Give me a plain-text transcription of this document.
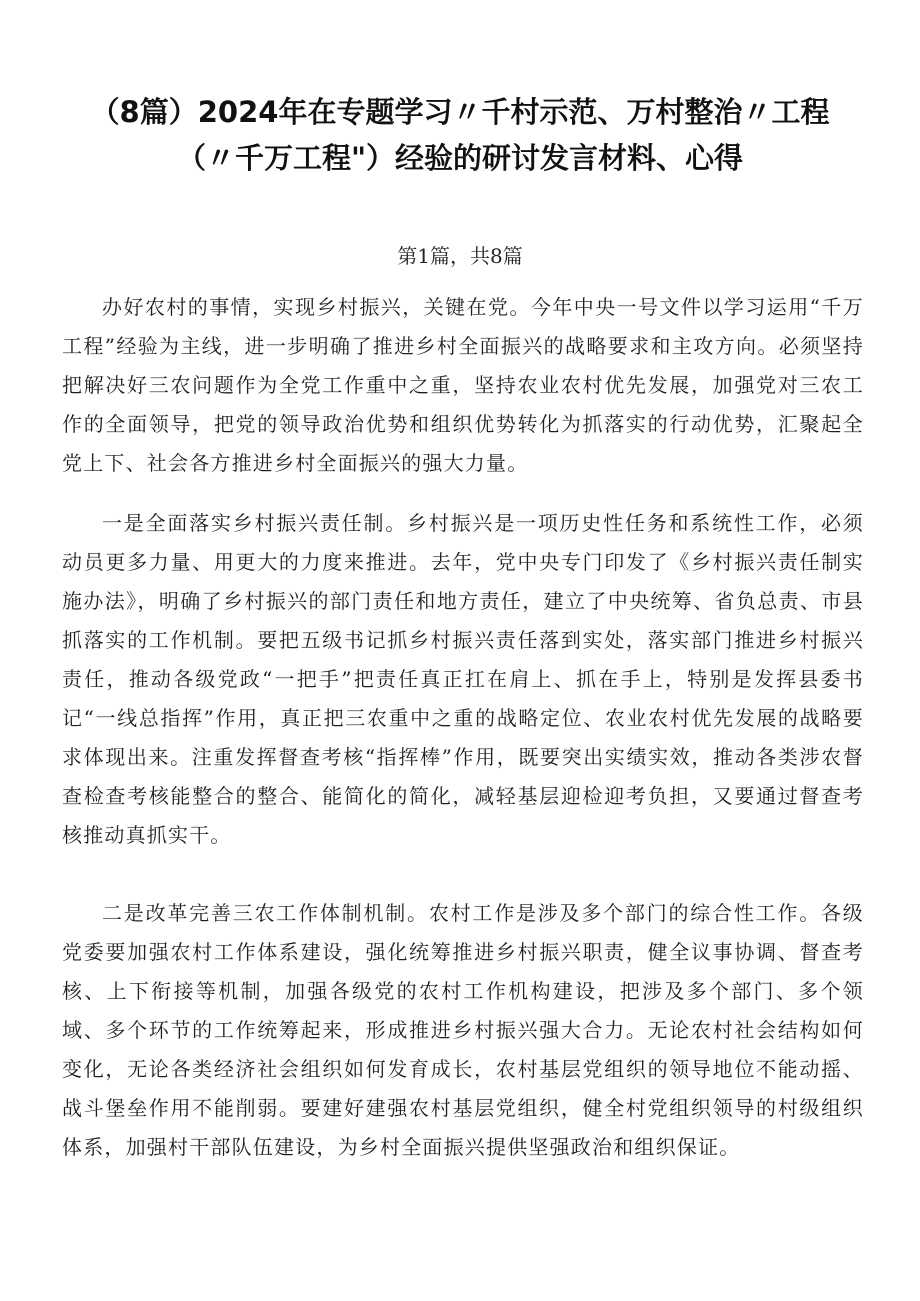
（8篇）2024年在专题学习〃千村示范、万村整治〃工程
（〃千万工程"）经验的研讨发言材料、心得
第1篇，共8篇

办好农村的事情，实现乡村振兴，关键在党。今年中央一号文件以学习运用“千万工程”经验为主线，进一步明确了推进乡村全面振兴的战略要求和主攻方向。必须坚持把解决好三农问题作为全党工作重中之重，坚持农业农村优先发展，加强党对三农工作的全面领导，把党的领导政治优势和组织优势转化为抓落实的行动优势，汇聚起全党上下、社会各方推进乡村全面振兴的强大力量。

一是全面落实乡村振兴责任制。乡村振兴是一项历史性任务和系统性工作，必须动员更多力量、用更大的力度来推进。去年，党中央专门印发了《乡村振兴责任制实施办法》，明确了乡村振兴的部门责任和地方责任，建立了中央统筹、省负总责、市县抓落实的工作机制。要把五级书记抓乡村振兴责任落到实处，落实部门推进乡村振兴责任，推动各级党政“一把手”把责任真正扛在肩上、抓在手上，特别是发挥县委书记“一线总指挥”作用，真正把三农重中之重的战略定位、农业农村优先发展的战略要求体现出来。注重发挥督查考核“指挥棒”作用，既要突出实绩实效，推动各类涉农督查检查考核能整合的整合、能简化的简化，减轻基层迎检迎考负担，又要通过督查考核推动真抓实干。

二是改革完善三农工作体制机制。农村工作是涉及多个部门的综合性工作。各级党委要加强农村工作体系建设，强化统筹推进乡村振兴职责，健全议事协调、督查考核、上下衔接等机制，加强各级党的农村工作机构建设，把涉及多个部门、多个领域、多个环节的工作统筹起来，形成推进乡村振兴强大合力。无论农村社会结构如何变化，无论各类经济社会组织如何发育成长，农村基层党组织的领导地位不能动摇、战斗堡垒作用不能削弱。要建好建强农村基层党组织，健全村党组织领导的村级组织体系，加强村干部队伍建设，为乡村全面振兴提供坚强政治和组织保证。
